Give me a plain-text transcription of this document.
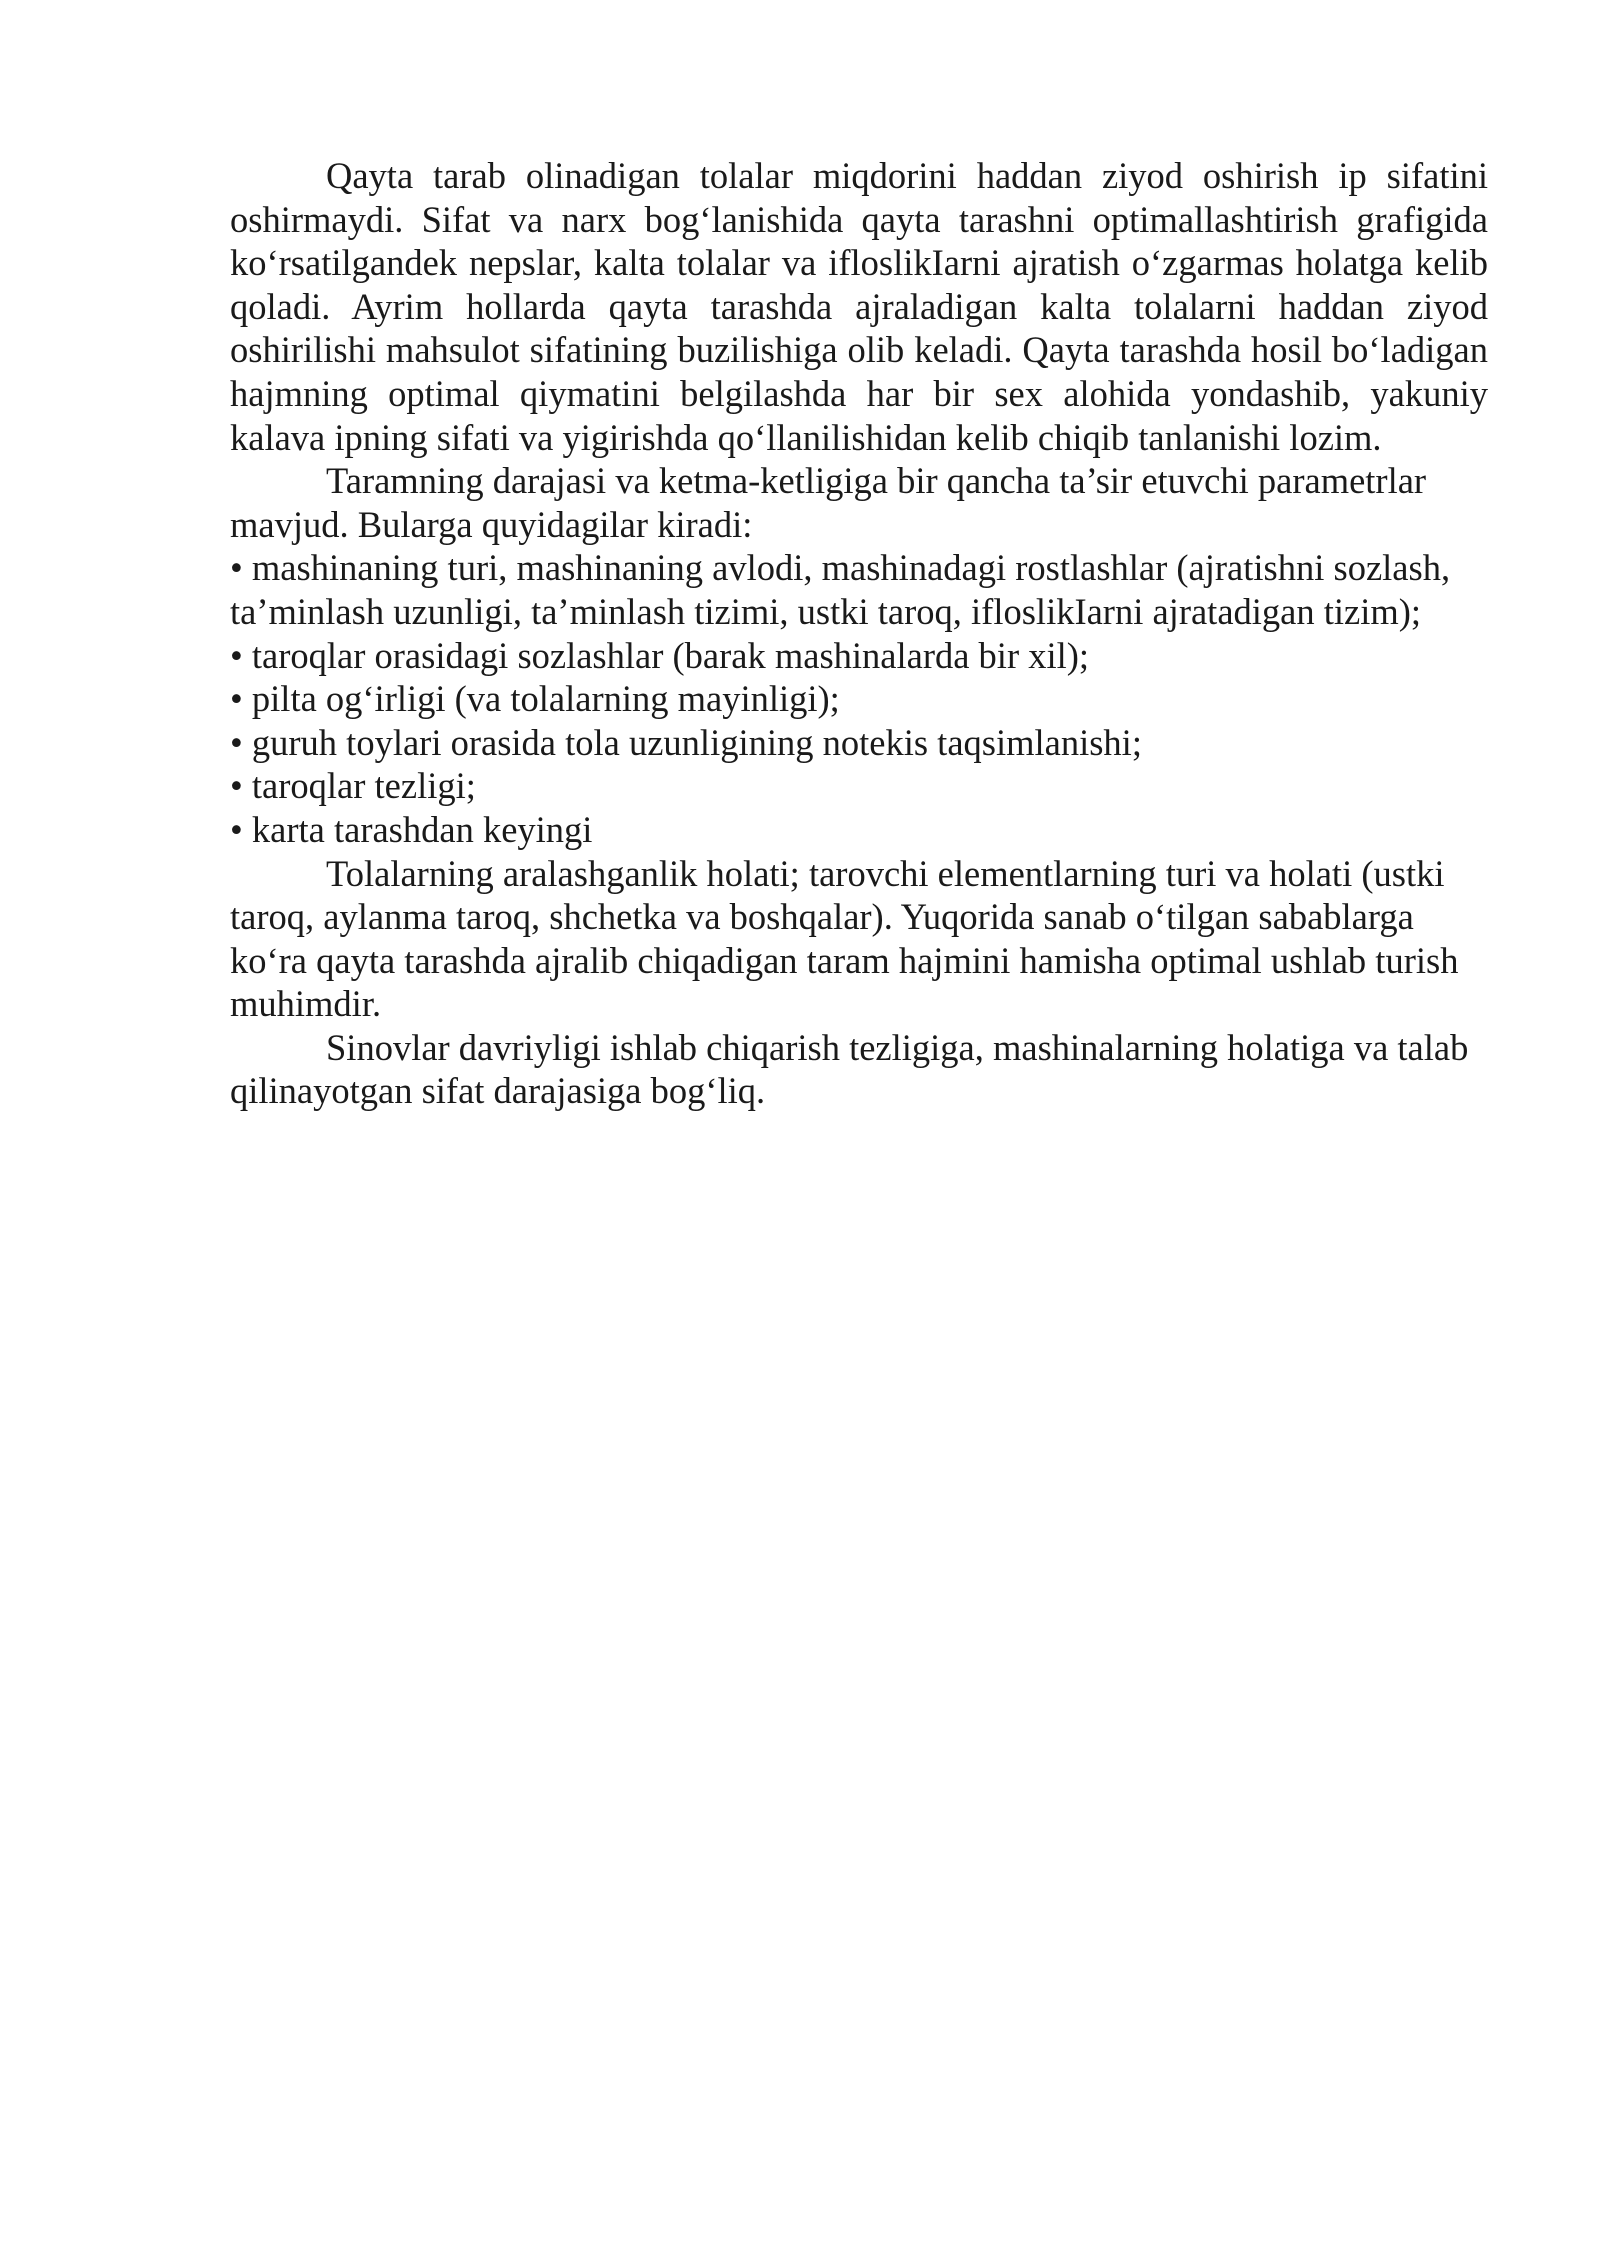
Qayta tarab olinadigan tolalar miqdorini haddan ziyod oshirish ip sifatini oshirmaydi. Sifat va narx bog‘lanishida qayta tarashni optimallashtirish grafigida ko‘rsatilgandek nepslar, kalta tolalar va ifloslikIarni ajratish o‘zgarmas holatga kelib qoladi. Ayrim hollarda qayta tarashda ajraladigan kalta tolalarni haddan ziyod oshirilishi mahsulot sifatining buzilishiga olib keladi. Qayta tarashda hosil bo‘ladigan hajmning optimal qiymatini belgilashda har bir sex alohida yondashib, yakuniy kalava ipning sifati va yigirishda qo‘llanilishidan kelib chiqib tanlanishi lozim.

Taramning darajasi va ketma-ketligiga bir qancha ta’sir etuvchi parametrlar mavjud. Bularga quyidagilar kiradi:

• mashinaning turi, mashinaning avlodi, mashinadagi rostlashlar (ajratishni sozlash, ta’minlash uzunligi, ta’minlash tizimi, ustki taroq, ifloslikIarni ajratadigan tizim);
• taroqlar orasidagi sozlashlar (barak mashinalarda bir xil);
• pilta og‘irligi (va tolalarning mayinligi);
• guruh toylari orasida tola uzunligining notekis taqsimlanishi;
• taroqlar tezligi;
• karta tarashdan keyingi

Tolalarning aralashganlik holati; tarovchi elementlarning turi va holati (ustki taroq, aylanma taroq, shchetka va boshqalar). Yuqorida sanab o‘tilgan sabablarga ko‘ra qayta tarashda ajralib chiqadigan taram hajmini hamisha optimal ushlab turish muhimdir.

Sinovlar davriyligi ishlab chiqarish tezligiga, mashinalarning holatiga va talab qilinayotgan sifat darajasiga bog‘liq.
